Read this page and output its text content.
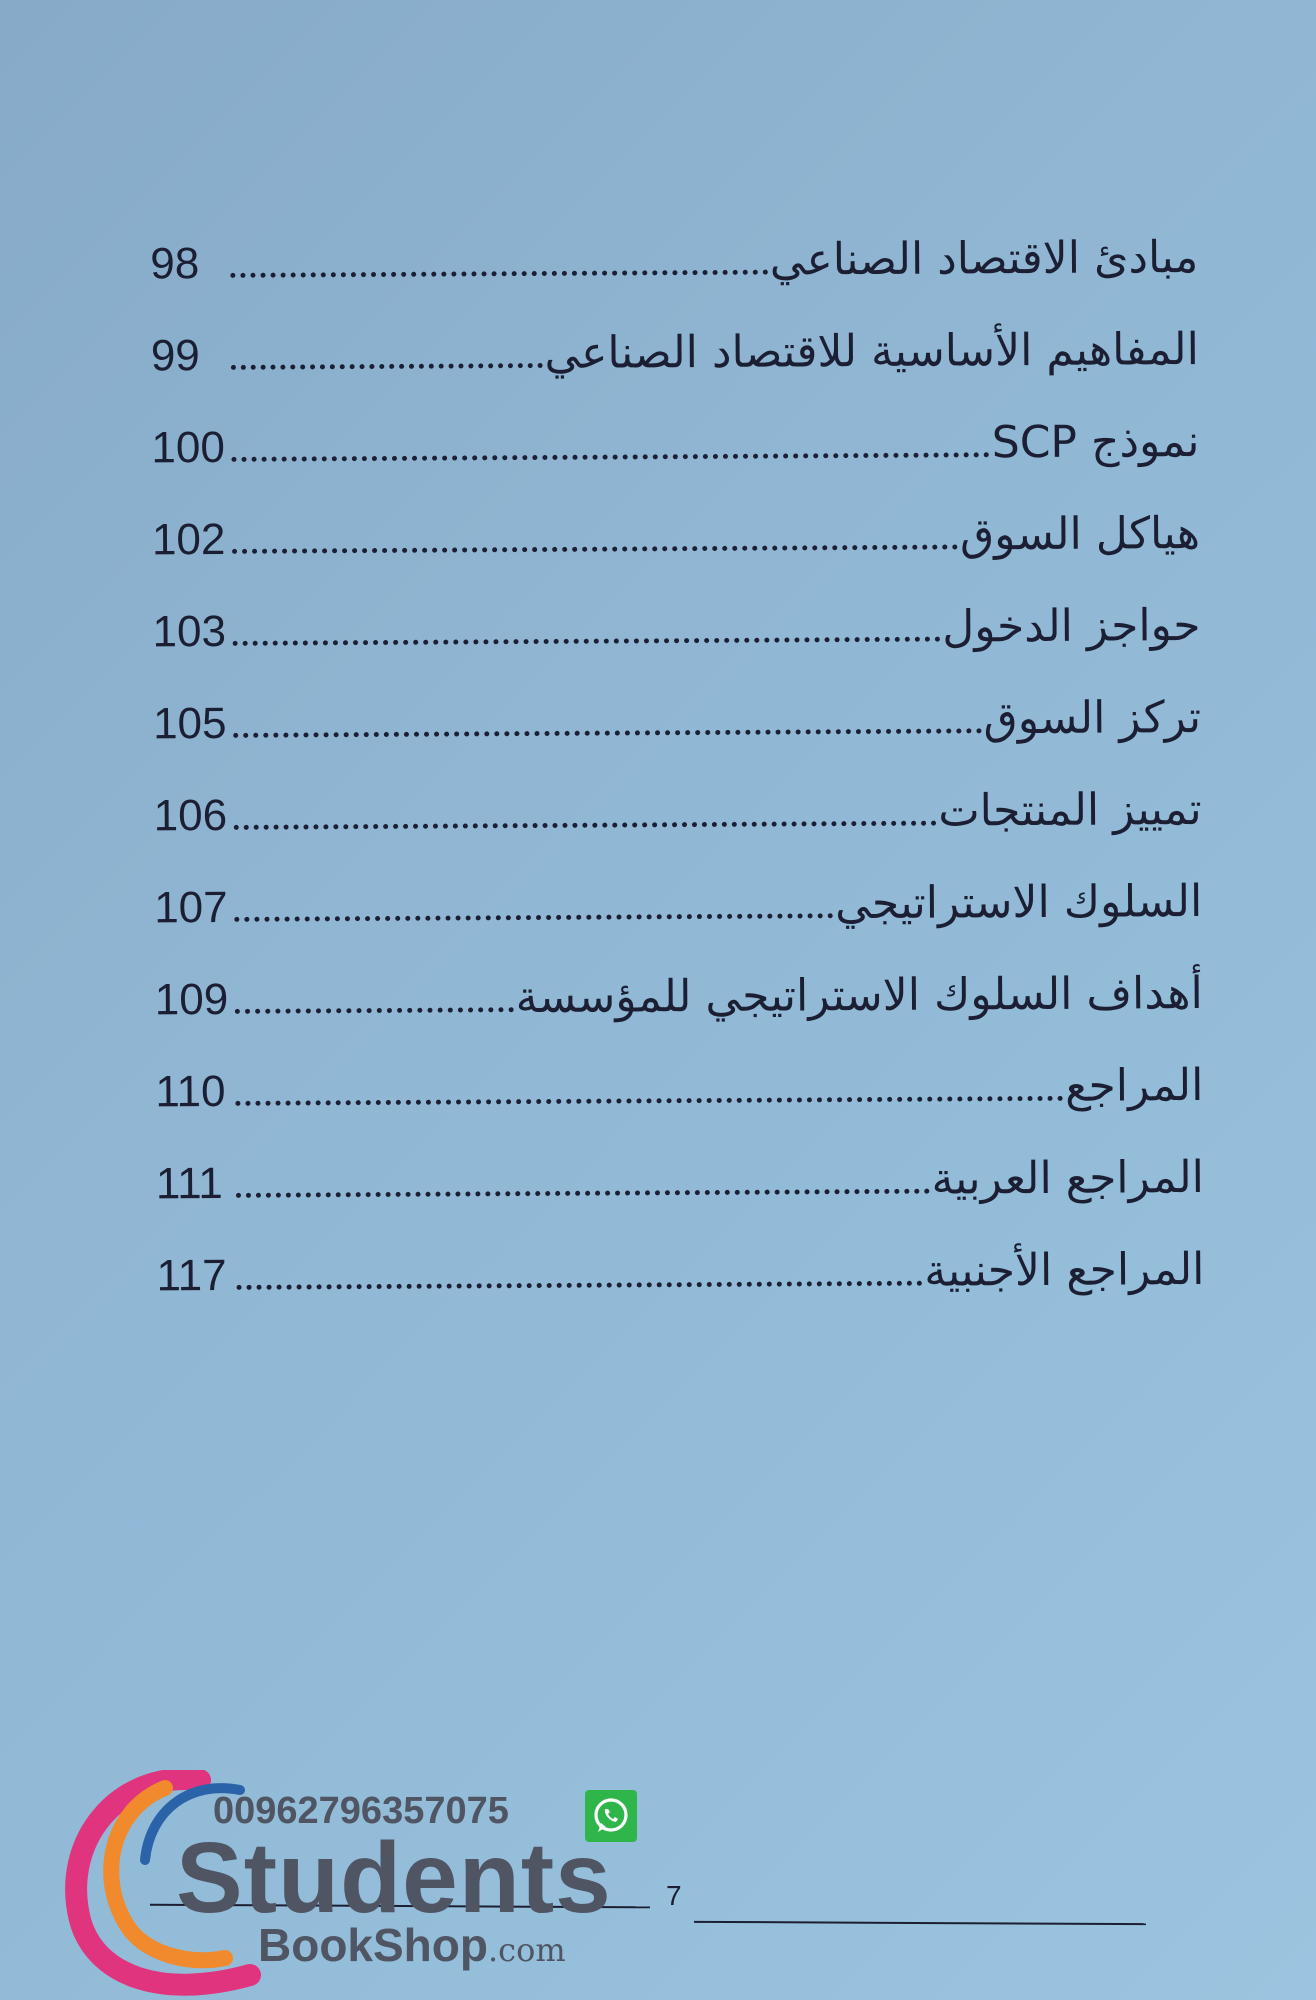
مبادئ الاقتصاد الصناعي
98
المفاهيم الأساسية للاقتصاد الصناعي
99
نموذج SCP
100
هياكل السوق
102
حواجز الدخول
103
تركز السوق
105
تمييز المنتجات
106
السلوك الاستراتيجي
107
أهداف السلوك الاستراتيجي للمؤسسة
109
المراجع
110
المراجع العربية
111
المراجع الأجنبية
117
7
00962796357075
Students
BookShop.com
